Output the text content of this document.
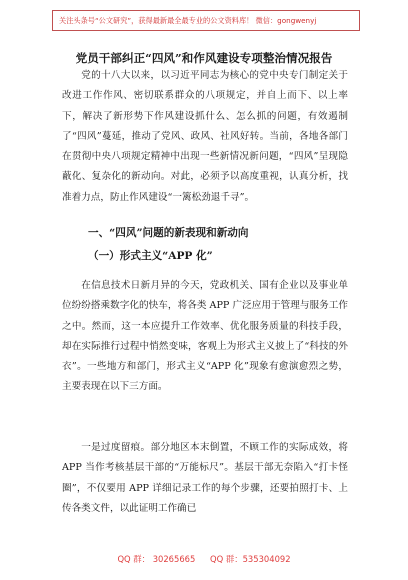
关注头条号“公文研究”，获得最新最全最专业的公文资料库！ 微信：gongwenyj
党员干部纠正“四风”和作风建设专项整治情况报告
党的十八大以来，以习近平同志为核心的党中央专门制定关于改进工作作风、密切联系群众的八项规定，并自上而下、以上率下，解决了新形势下作风建设抓什么、怎么抓的问题，有效遏制了“四风”蔓延，推动了党风、政风、社风好转。当前，各地各部门在贯彻中央八项规定精神中出现一些新情况新问题，“四风”呈现隐蔽化、复杂化的新动向。对此，必须予以高度重视，认真分析，找准着力点，防止作风建设“一篱松劲退千寻”。
一、“四风”问题的新表现和新动向
（一）形式主义“APP 化”
在信息技术日新月异的今天，党政机关、国有企业以及事业单位纷纷搭乘数字化的快车，将各类 APP 广泛应用于管理与服务工作之中。然而，这一本应提升工作效率、优化服务质量的科技手段，却在实际推行过程中悄然变味，客观上为形式主义披上了“科技的外衣”。一些地方和部门，形式主义“APP 化”现象有愈演愈烈之势，主要表现在以下三方面。
一是过度留痕。部分地区本末倒置，不顾工作的实际成效，将 APP 当作考核基层干部的“万能标尺”。基层干部无奈陷入“打卡怪圈”，不仅要用 APP 详细记录工作的每个步骤，还要拍照打卡、上传各类文件，以此证明工作确已
QQ 群： 30265665 QQ 群：535304092
